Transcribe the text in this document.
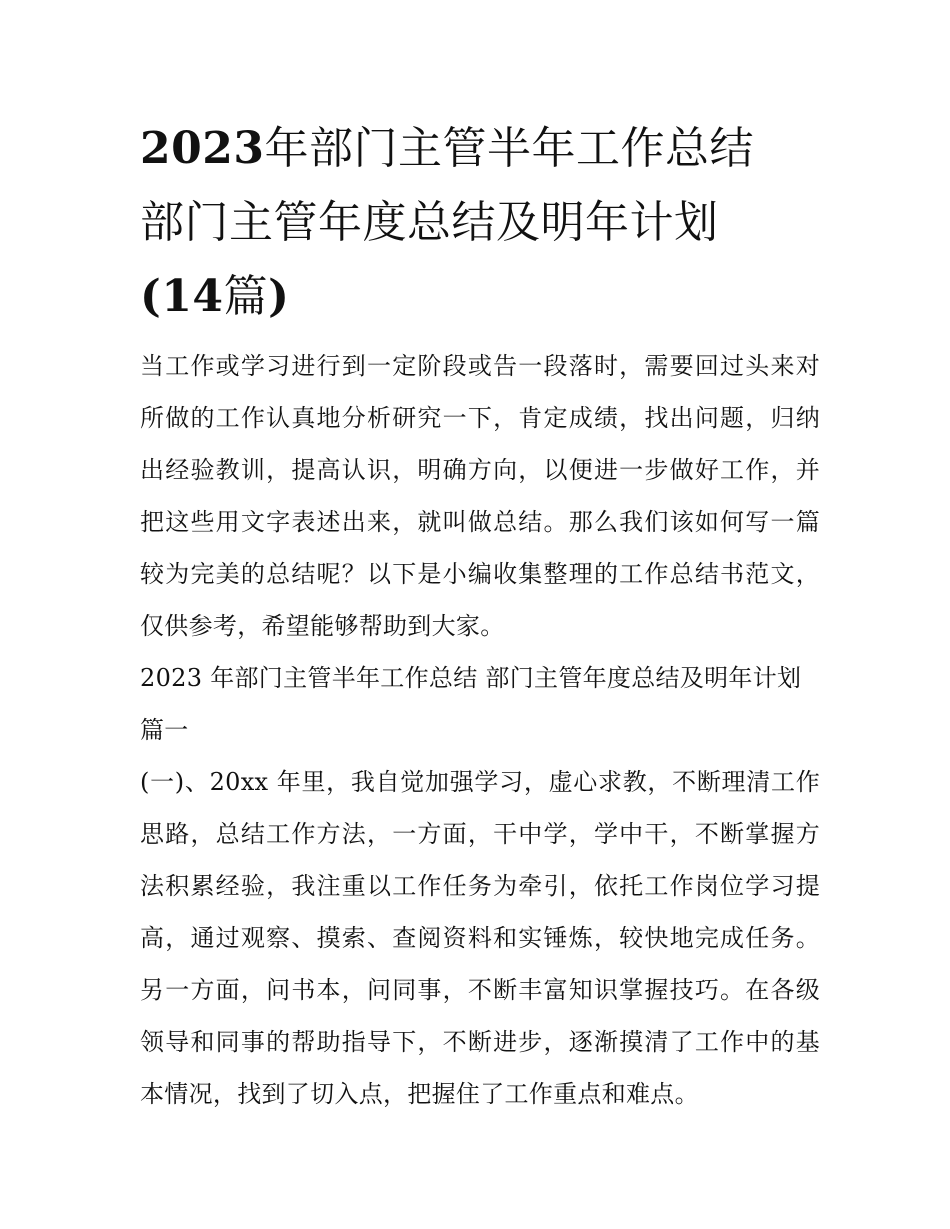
2023年部门主管半年工作总结
部门主管年度总结及明年计划
(14篇)

当工作或学习进行到一定阶段或告一段落时，需要回过头来对所做的工作认真地分析研究一下，肯定成绩，找出问题，归纳出经验教训，提高认识，明确方向，以便进一步做好工作，并把这些用文字表述出来，就叫做总结。那么我们该如何写一篇较为完美的总结呢？以下是小编收集整理的工作总结书范文，仅供参考，希望能够帮助到大家。

2023 年部门主管半年工作总结 部门主管年度总结及明年计划篇一

(一)、20xx 年里，我自觉加强学习，虚心求教，不断理清工作思路，总结工作方法，一方面，干中学，学中干，不断掌握方法积累经验，我注重以工作任务为牵引，依托工作岗位学习提高，通过观察、摸索、查阅资料和实锤炼，较快地完成任务。另一方面，问书本，问同事，不断丰富知识掌握技巧。在各级领导和同事的帮助指导下，不断进步，逐渐摸清了工作中的基本情况，找到了切入点，把握住了工作重点和难点。
